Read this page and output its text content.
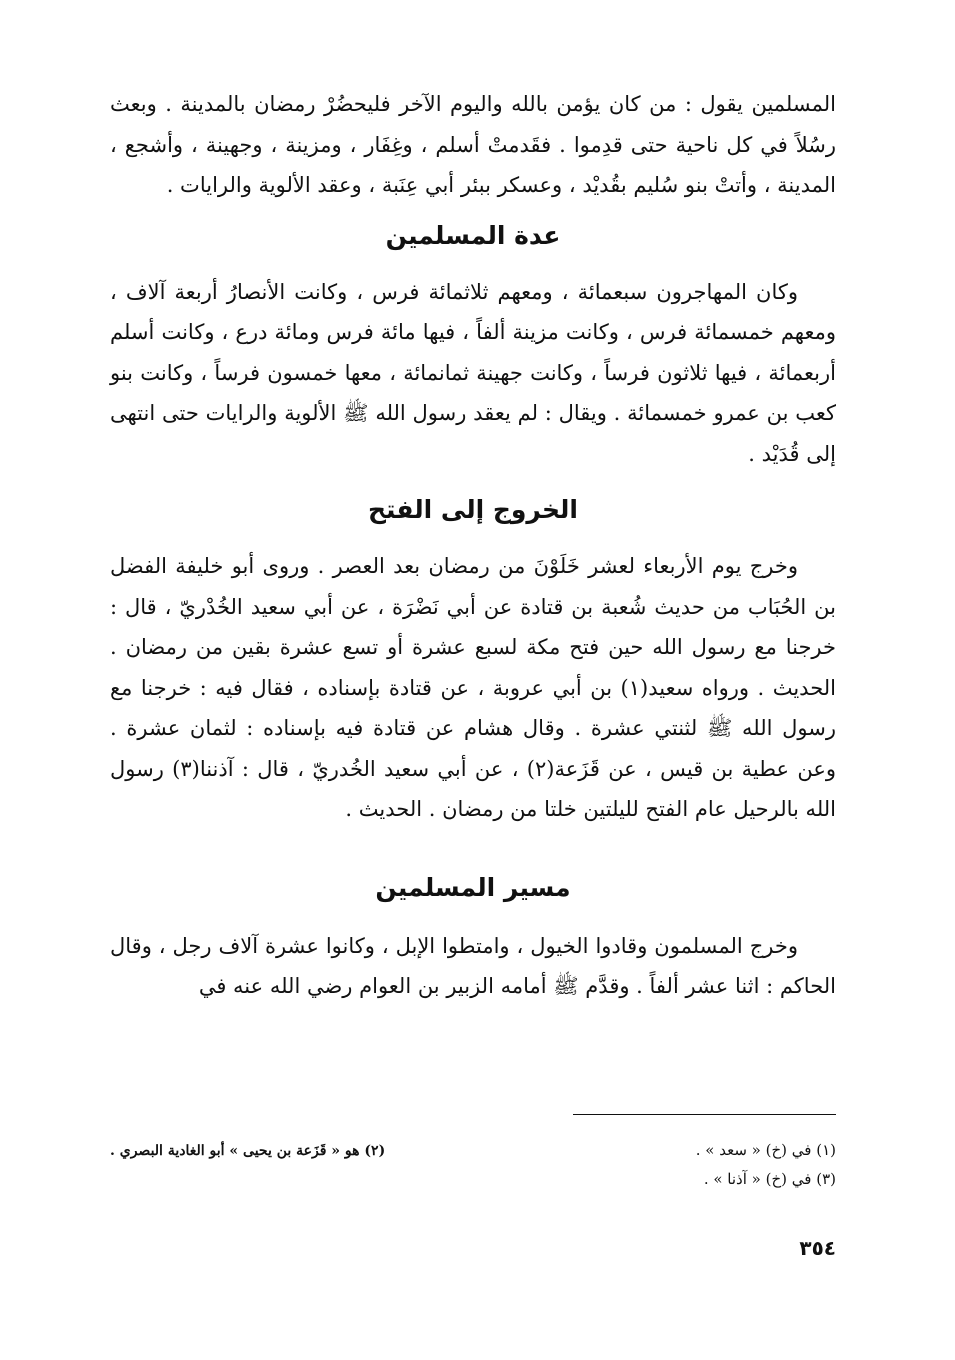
المسلمين يقول : من كان يؤمن بالله واليوم الآخر فليحضُرْ رمضان بالمدينة . وبعث رسُلاً في كل ناحية حتى قدِموا . فقَدمتْ أسلم ، وغِفَار ، ومزينة ، وجهينة ، وأشجع ، المدينة ، وأتتْ بنو سُليم بقُديْد ، وعسكر ببئر أبي عِنَبة ، وعقد الألوية والرايات .

عدة المسلمين

وكان المهاجرون سبعمائة ، ومعهم ثلاثمائة فرس ، وكانت الأنصارُ أربعة آلاف ، ومعهم خمسمائة فرس ، وكانت مزينة ألفاً ، فيها مائة فرس ومائة درع ، وكانت أسلم أربعمائة ، فيها ثلاثون فرساً ، وكانت جهينة ثمانمائة ، معها خمسون فرساً ، وكانت بنو كعب بن عمرو خمسمائة . ويقال : لم يعقد رسول الله ﷺ الألوية والرايات حتى انتهى إلى قُدَيْد .

الخروج إلى الفتح

وخرج يوم الأربعاء لعشر خَلَوْنَ من رمضان بعد العصر . وروى أبو خليفة الفضل بن الحُبَاب من حديث شُعبة بن قتادة عن أبي نَضْرَة ، عن أبي سعيد الخُدْريّ ، قال : خرجنا مع رسول الله حين فتح مكة لسبع عشرة أو تسع عشرة بقين من رمضان . الحديث . ورواه سعيد(١) بن أبي عروبة ، عن قتادة بإسناده ، فقال فيه : خرجنا مع رسول الله ﷺ لثنتي عشرة . وقال هشام عن قتادة فيه بإسناده : لثمان عشرة . وعن عطية بن قيس ، عن قَزَعة(٢) ، عن أبي سعيد الخُدريّ ، قال : آذننا(٣) رسول الله بالرحيل عام الفتح لليلتين خلتا من رمضان . الحديث .

مسير المسلمين

وخرج المسلمون وقادوا الخيول ، وامتطوا الإبل ، وكانوا عشرة آلاف رجل ، وقال الحاكم : اثنا عشر ألفاً . وقدَّم ﷺ أمامه الزبير بن العوام رضي الله عنه في

(١) في (خ) « سعد » .
(٢) هو « قَزَعة بن يحيى » أبو الغادية البصري .
(٣) في (خ) « آذنا » .
٣٥٤
